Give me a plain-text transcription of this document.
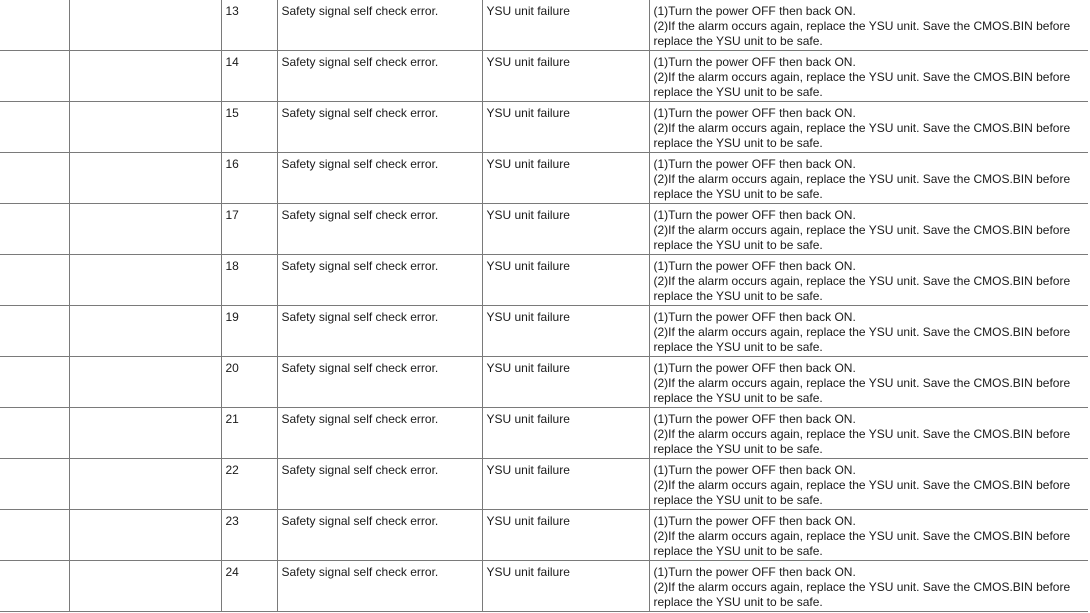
		13	Safety signal self check error.	YSU unit failure	(1)Turn the power OFF then back ON.
(2)If the alarm occurs again, replace the YSU unit. Save the CMOS.BIN before
replace the YSU unit to be safe.

		14	Safety signal self check error.	YSU unit failure	(1)Turn the power OFF then back ON.
(2)If the alarm occurs again, replace the YSU unit. Save the CMOS.BIN before
replace the YSU unit to be safe.

		15	Safety signal self check error.	YSU unit failure	(1)Turn the power OFF then back ON.
(2)If the alarm occurs again, replace the YSU unit. Save the CMOS.BIN before
replace the YSU unit to be safe.

		16	Safety signal self check error.	YSU unit failure	(1)Turn the power OFF then back ON.
(2)If the alarm occurs again, replace the YSU unit. Save the CMOS.BIN before
replace the YSU unit to be safe.

		17	Safety signal self check error.	YSU unit failure	(1)Turn the power OFF then back ON.
(2)If the alarm occurs again, replace the YSU unit. Save the CMOS.BIN before
replace the YSU unit to be safe.

		18	Safety signal self check error.	YSU unit failure	(1)Turn the power OFF then back ON.
(2)If the alarm occurs again, replace the YSU unit. Save the CMOS.BIN before
replace the YSU unit to be safe.

		19	Safety signal self check error.	YSU unit failure	(1)Turn the power OFF then back ON.
(2)If the alarm occurs again, replace the YSU unit. Save the CMOS.BIN before
replace the YSU unit to be safe.

		20	Safety signal self check error.	YSU unit failure	(1)Turn the power OFF then back ON.
(2)If the alarm occurs again, replace the YSU unit. Save the CMOS.BIN before
replace the YSU unit to be safe.

		21	Safety signal self check error.	YSU unit failure	(1)Turn the power OFF then back ON.
(2)If the alarm occurs again, replace the YSU unit. Save the CMOS.BIN before
replace the YSU unit to be safe.

		22	Safety signal self check error.	YSU unit failure	(1)Turn the power OFF then back ON.
(2)If the alarm occurs again, replace the YSU unit. Save the CMOS.BIN before
replace the YSU unit to be safe.

		23	Safety signal self check error.	YSU unit failure	(1)Turn the power OFF then back ON.
(2)If the alarm occurs again, replace the YSU unit. Save the CMOS.BIN before
replace the YSU unit to be safe.

		24	Safety signal self check error.	YSU unit failure	(1)Turn the power OFF then back ON.
(2)If the alarm occurs again, replace the YSU unit. Save the CMOS.BIN before
replace the YSU unit to be safe.
